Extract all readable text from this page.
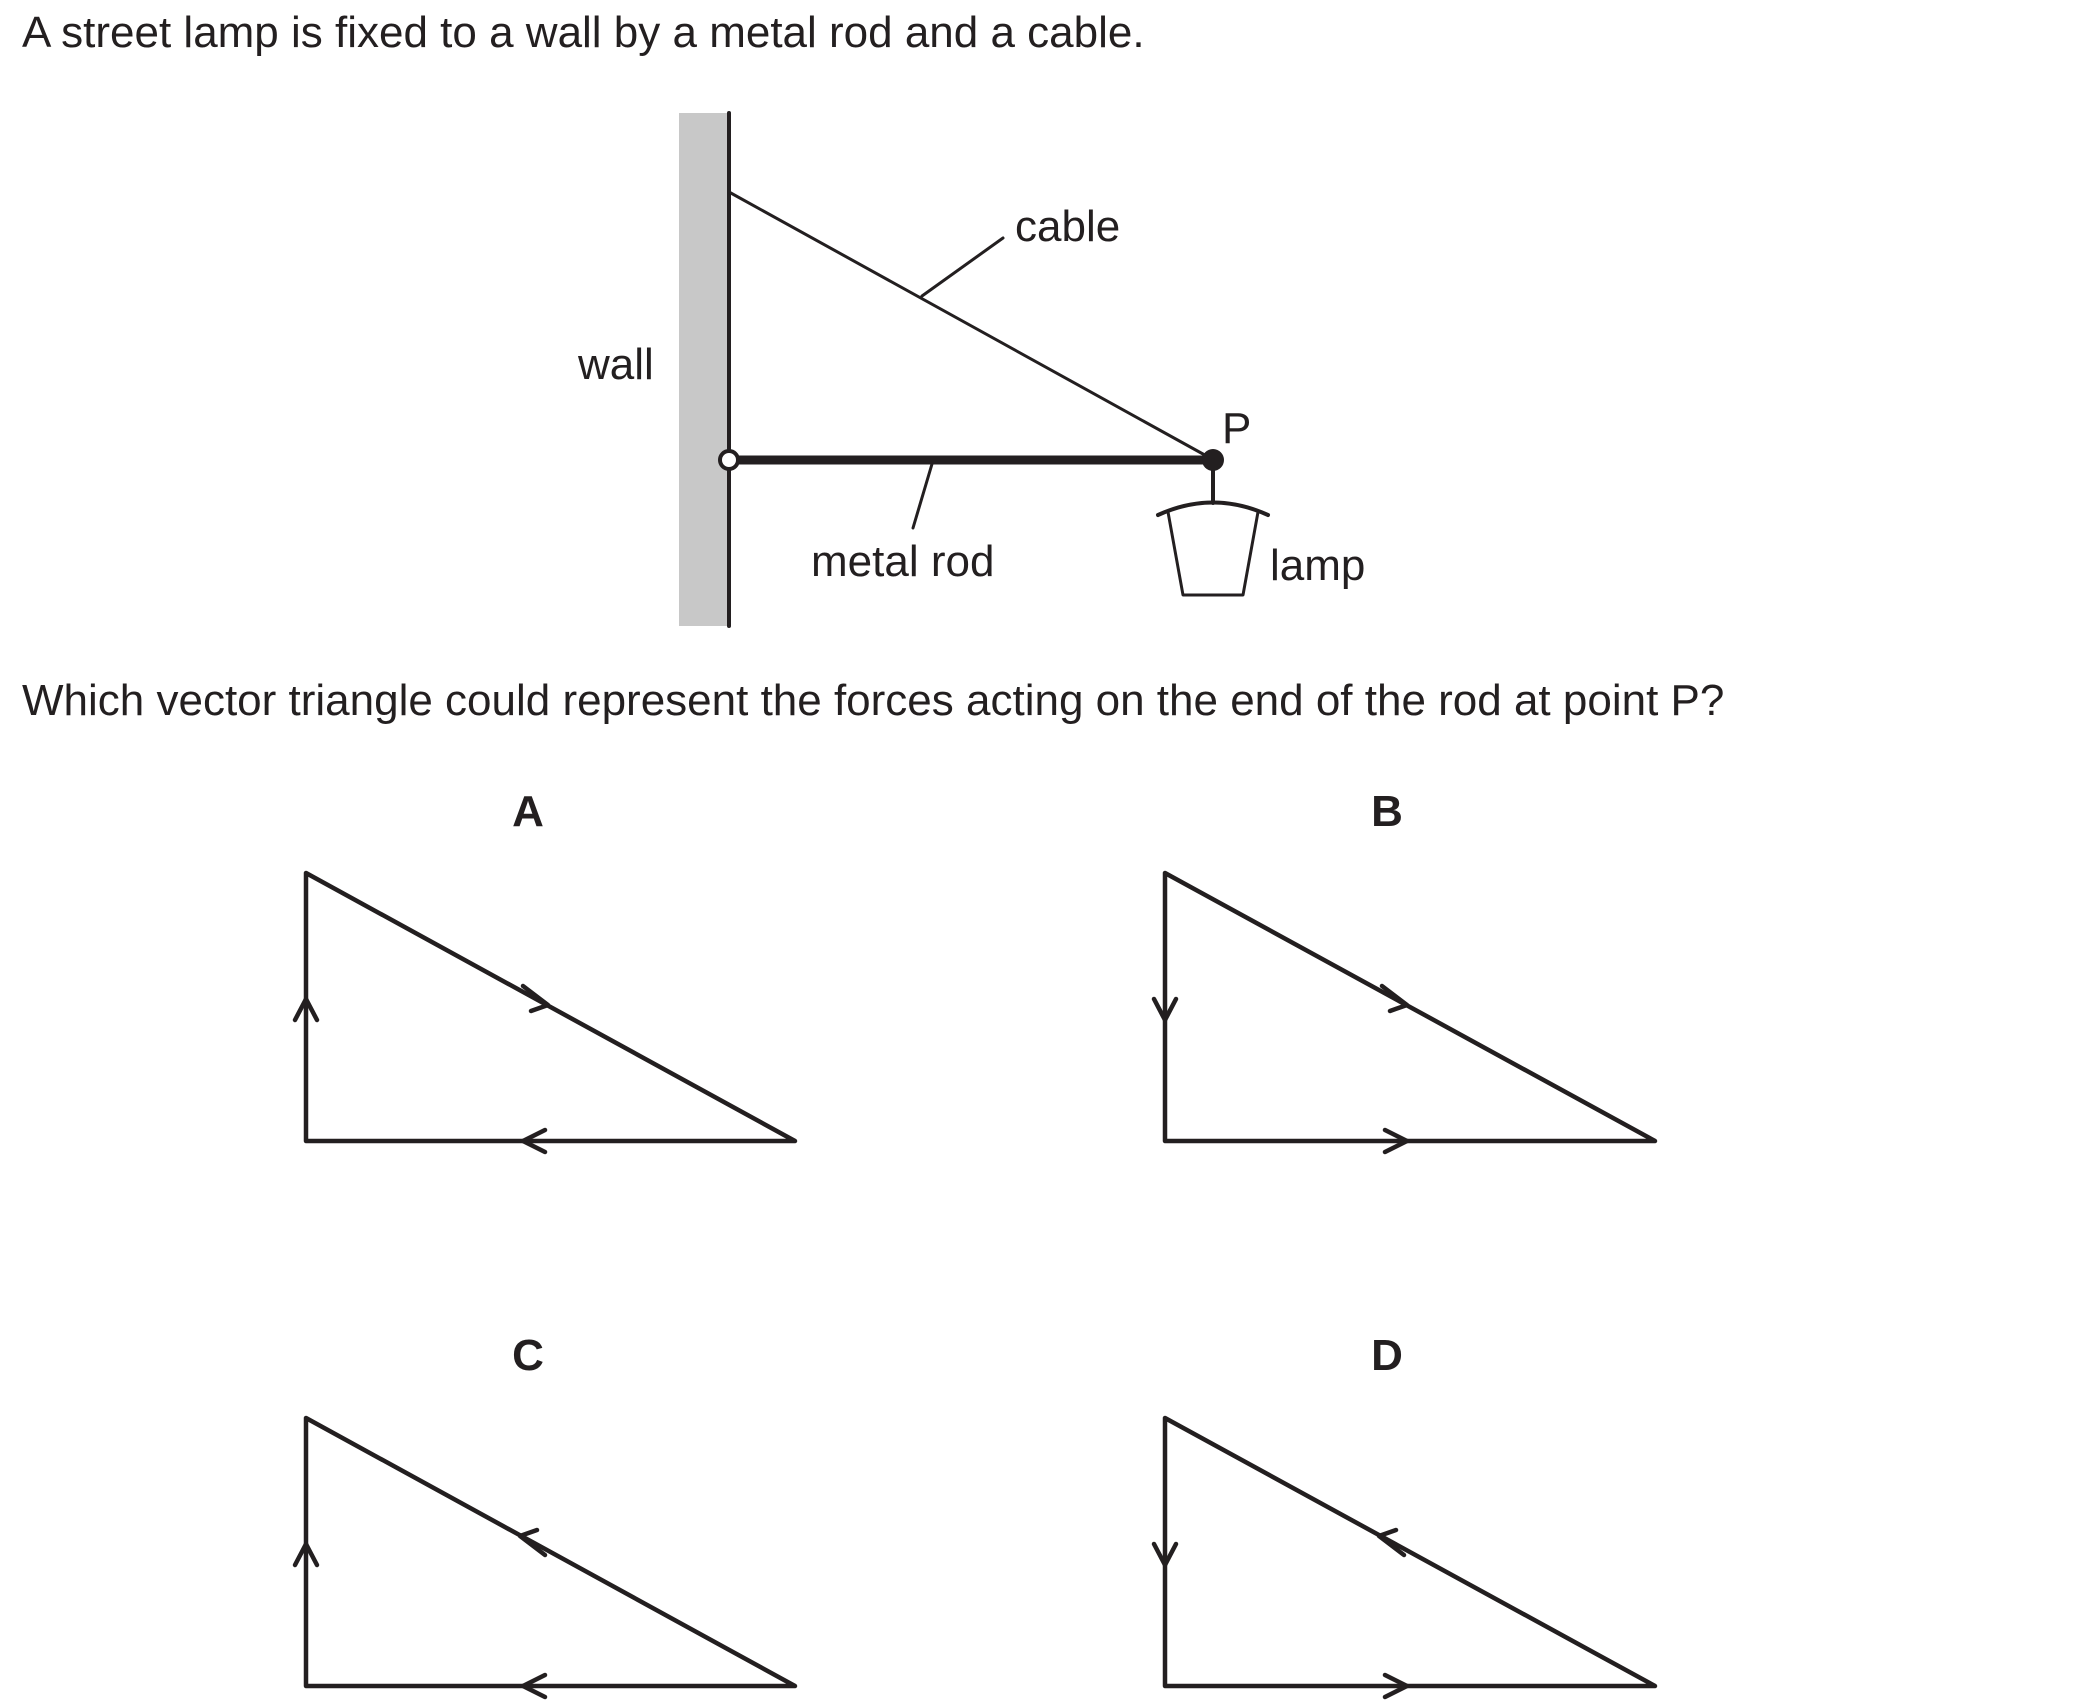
A street lamp is fixed to a wall by a metal rod and a cable.

Which vector triangle could represent the forces acting on the end of the rod at point P?

wall
cable
P
metal rod	lamp
A	B
C	D
